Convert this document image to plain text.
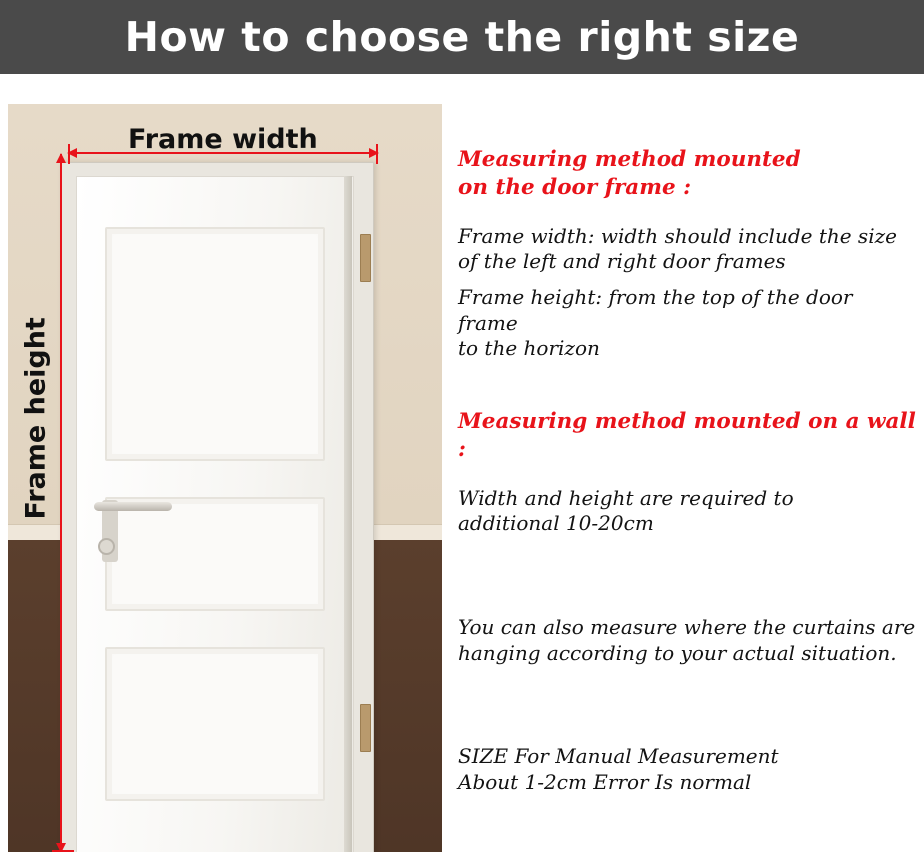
How to choose the right size
Frame width
Frame height
Measuring method mounted
on the door frame :
Frame width: width should include the size
of the left and right door frames
Frame height: from the top of the door frame
to the horizon
Measuring method mounted on a wall :
Width and height are required to
additional 10-20cm
You can also measure where the curtains are
hanging according to your actual situation.
SIZE For Manual Measurement
About 1-2cm Error Is normal
